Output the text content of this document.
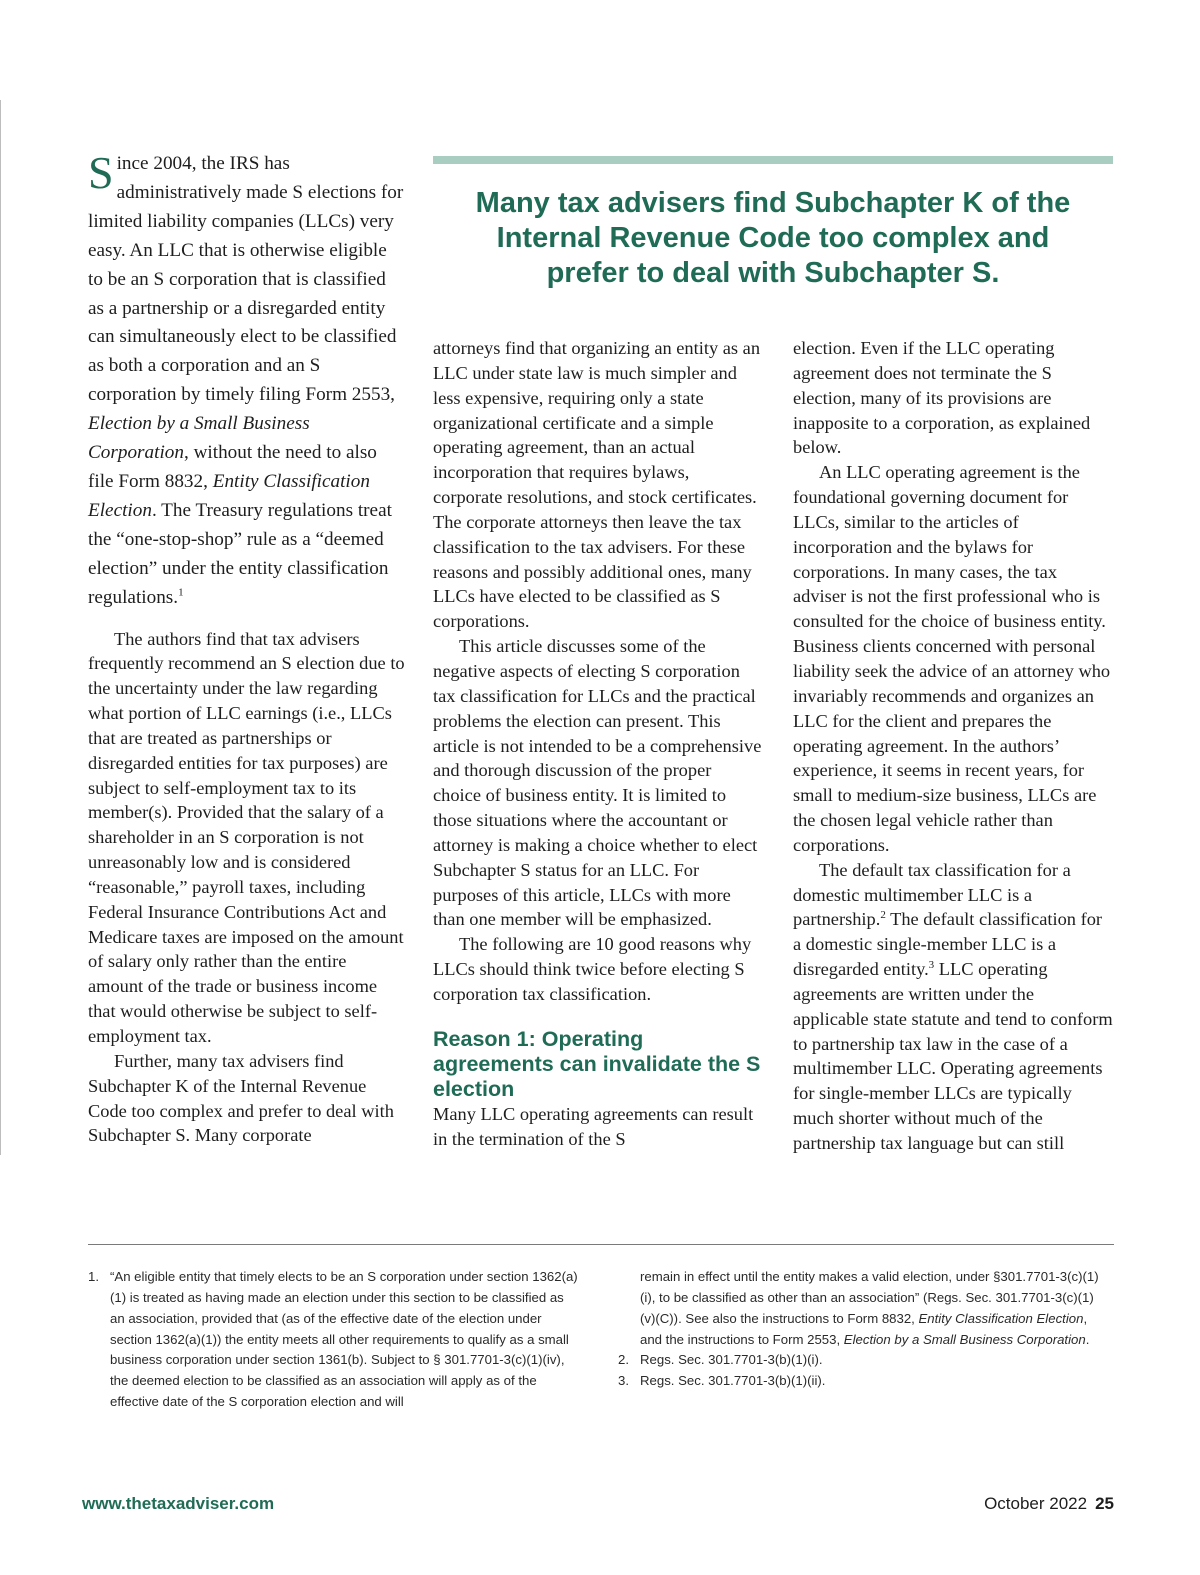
Since 2004, the IRS has administratively made S elections for limited liability companies (LLCs) very easy. An LLC that is otherwise eligible to be an S corporation that is classified as a partnership or a disregarded entity can simultaneously elect to be classified as both a corporation and an S corporation by timely filing Form 2553, Election by a Small Business Corporation, without the need to also file Form 8832, Entity Classification Election. The Treasury regulations treat the “one-stop-shop” rule as a “deemed election” under the entity classification regulations.$^1$

The authors find that tax advisers frequently recommend an S election due to the uncertainty under the law regarding what portion of LLC earnings (i.e., LLCs that are treated as partnerships or disregarded entities for tax purposes) are subject to self-employment tax to its member(s). Provided that the salary of a shareholder in an S corporation is not unreasonably low and is considered “reasonable,” payroll taxes, including Federal Insurance Contributions Act and Medicare taxes are imposed on the amount of salary only rather than the entire amount of the trade or business income that would otherwise be subject to self-employment tax.

Further, many tax advisers find Subchapter K of the Internal Revenue Code too complex and prefer to deal with Subchapter S. Many corporate

Many tax advisers find Subchapter K of the
Internal Revenue Code too complex and
prefer to deal with Subchapter S.

attorneys find that organizing an entity as an LLC under state law is much simpler and less expensive, requiring only a state organizational certificate and a simple operating agreement, than an actual incorporation that requires bylaws, corporate resolutions, and stock certificates. The corporate attorneys then leave the tax classification to the tax advisers. For these reasons and possibly additional ones, many LLCs have elected to be classified as S corporations.

This article discusses some of the negative aspects of electing S corporation tax classification for LLCs and the practical problems the election can present. This article is not intended to be a comprehensive and thorough discussion of the proper choice of business entity. It is limited to those situations where the accountant or attorney is making a choice whether to elect Subchapter S status for an LLC. For purposes of this article, LLCs with more than one member will be emphasized.

The following are 10 good reasons why LLCs should think twice before electing S corporation tax classification.

Reason 1: Operating agreements can invalidate the S election

Many LLC operating agreements can result in the termination of the S

election. Even if the LLC operating agreement does not terminate the S election, many of its provisions are inapposite to a corporation, as explained below.

An LLC operating agreement is the foundational governing document for LLCs, similar to the articles of incorporation and the bylaws for corporations. In many cases, the tax adviser is not the first professional who is consulted for the choice of business entity. Business clients concerned with personal liability seek the advice of an attorney who invariably recommends and organizes an LLC for the client and prepares the operating agreement. In the authors’ experience, it seems in recent years, for small to medium-size business, LLCs are the chosen legal vehicle rather than corporations.

The default tax classification for a domestic multimember LLC is a partnership.$^2$ The default classification for a domestic single-member LLC is a disregarded entity.$^3$ LLC operating agreements are written under the applicable state statute and tend to conform to partnership tax law in the case of a multimember LLC. Operating agreements for single-member LLCs are typically much shorter without much of the partnership tax language but can still

1. “An eligible entity that timely elects to be an S corporation under section 1362(a)(1) is treated as having made an election under this section to be classified as an association, provided that (as of the effective date of the election under section 1362(a)(1)) the entity meets all other requirements to qualify as a small business corporation under section 1361(b). Subject to § 301.7701-3(c)(1)(iv), the deemed election to be classified as an association will apply as of the effective date of the S corporation election and will
remain in effect until the entity makes a valid election, under §301.7701-3(c)(1)(i), to be classified as other than an association” (Regs. Sec. 301.7701-3(c)(1)(v)(C)). See also the instructions to Form 8832, Entity Classification Election, and the instructions to Form 2553, Election by a Small Business Corporation.
2. Regs. Sec. 301.7701-3(b)(1)(i).
3. Regs. Sec. 301.7701-3(b)(1)(ii).
www.thetaxadviser.com	October 2022 25
